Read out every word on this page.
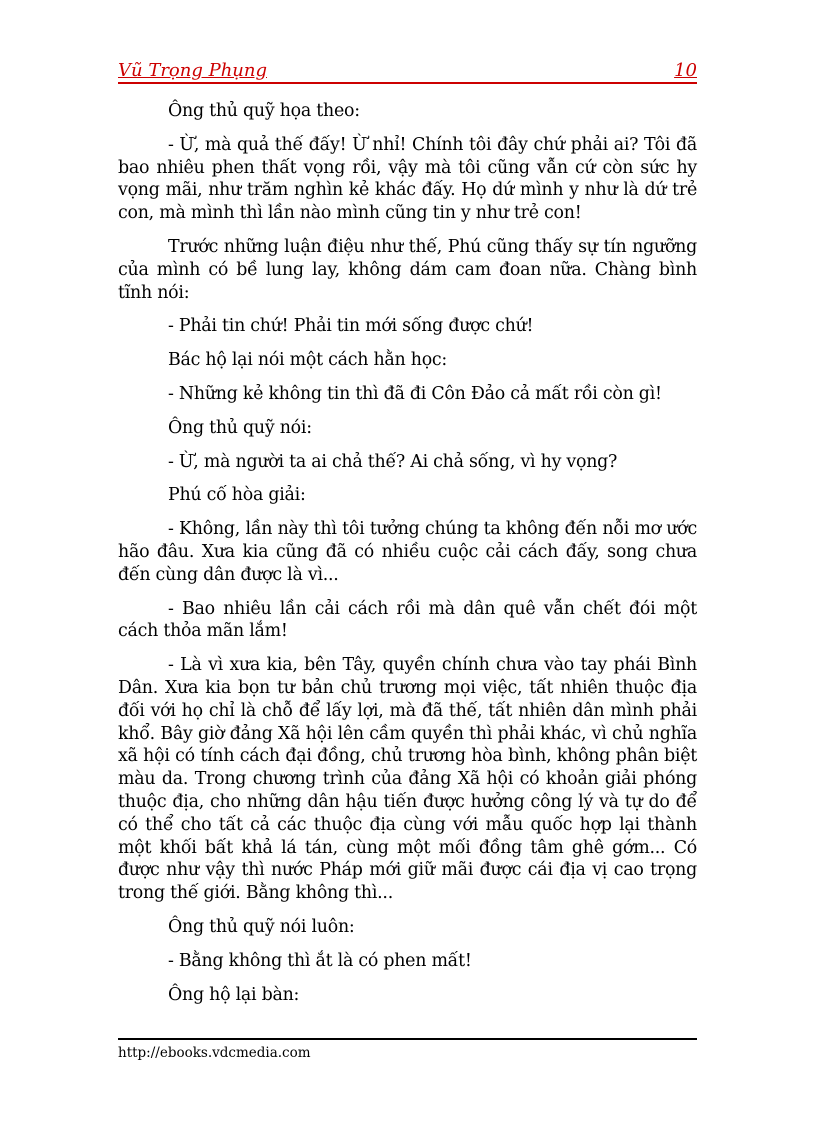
Vũ Trọng Phụng	10

Ông thủ quỹ họa theo:

- Ừ, mà quả thế đấy! Ừ nhỉ! Chính tôi đây chứ phải ai? Tôi đã bao nhiêu phen thất vọng rồi, vậy mà tôi cũng vẫn cứ còn sức hy vọng mãi, như trăm nghìn kẻ khác đấy. Họ dứ mình y như là dứ trẻ con, mà mình thì lần nào mình cũng tin y như trẻ con!

Trước những luận điệu như thế, Phú cũng thấy sự tín ngưỡng của mình có bề lung lay, không dám cam đoan nữa. Chàng bình tĩnh nói:

- Phải tin chứ! Phải tin mới sống được chứ!

Bác hộ lại nói một cách hằn học:

- Những kẻ không tin thì đã đi Côn Đảo cả mất rồi còn gì!

Ông thủ quỹ nói:

- Ừ, mà người ta ai chả thế? Ai chả sống, vì hy vọng?

Phú cố hòa giải:

- Không, lần này thì tôi tưởng chúng ta không đến nỗi mơ ước hão đâu. Xưa kia cũng đã có nhiều cuộc cải cách đấy, song chưa đến cùng dân được là vì...

- Bao nhiêu lần cải cách rồi mà dân quê vẫn chết đói một cách thỏa mãn lắm!

- Là vì xưa kia, bên Tây, quyền chính chưa vào tay phái Bình Dân. Xưa kia bọn tư bản chủ trương mọi việc, tất nhiên thuộc địa đối với họ chỉ là chỗ để lấy lợi, mà đã thế, tất nhiên dân mình phải khổ. Bây giờ đảng Xã hội lên cầm quyền thì phải khác, vì chủ nghĩa xã hội có tính cách đại đồng, chủ trương hòa bình, không phân biệt màu da. Trong chương trình của đảng Xã hội có khoản giải phóng thuộc địa, cho những dân hậu tiến được hưởng công lý và tự do để có thể cho tất cả các thuộc địa cùng với mẫu quốc hợp lại thành một khối bất khả lá tán, cùng một mối đồng tâm ghê gớm... Có được như vậy thì nước Pháp mới giữ mãi được cái địa vị cao trọng trong thế giới. Bằng không thì...

Ông thủ quỹ nói luôn:

- Bằng không thì ắt là có phen mất!

Ông hộ lại bàn:

http://ebooks.vdcmedia.com
